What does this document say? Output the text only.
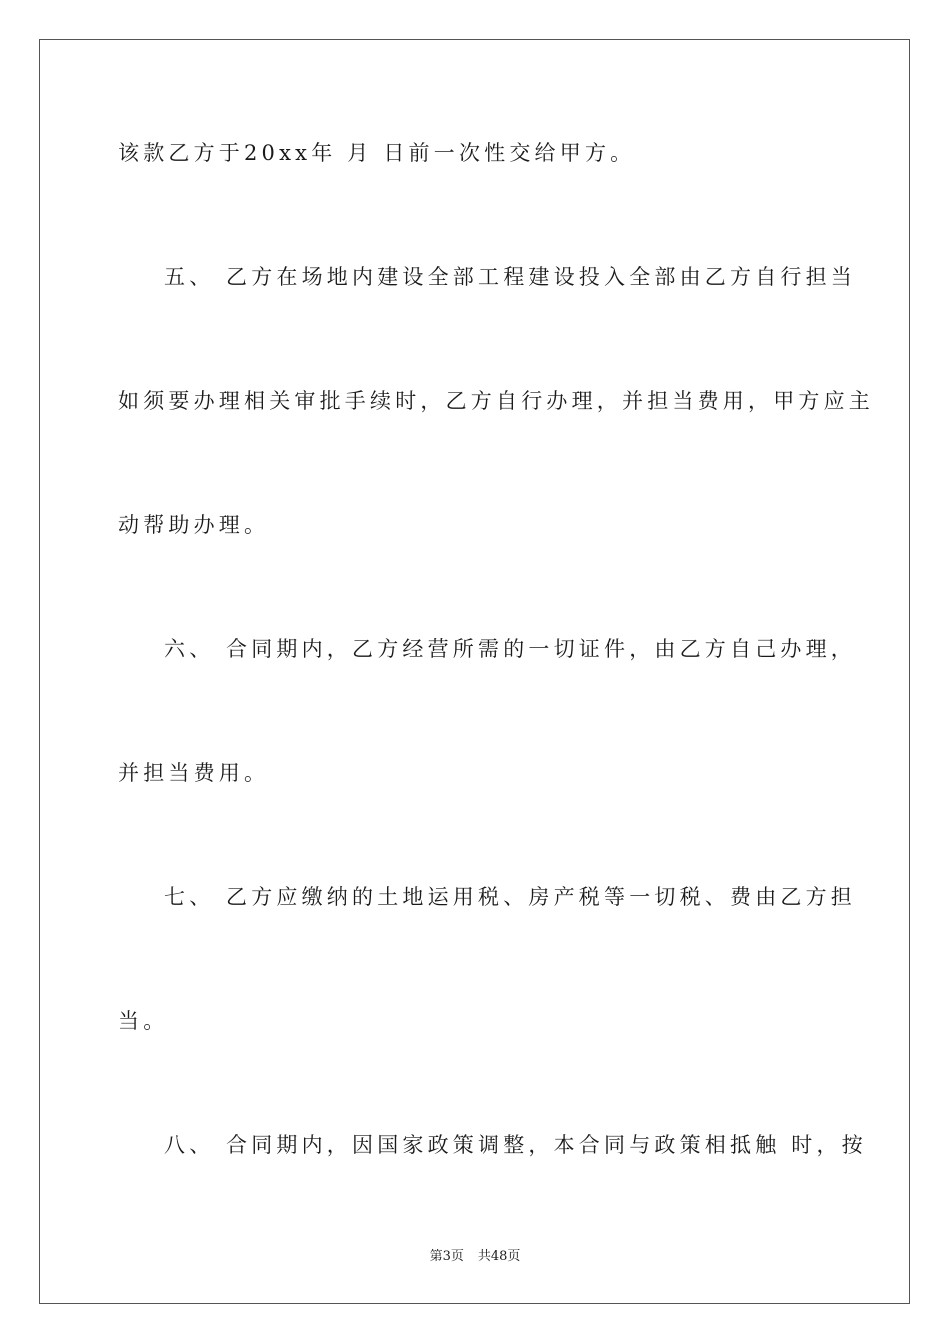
该款乙方于20xx年 月 日前一次性交给甲方。
五、 乙方在场地内建设全部工程建设投入全部由乙方自行担当
如须要办理相关审批手续时，乙方自行办理，并担当费用，甲方应主
动帮助办理。
六、 合同期内，乙方经营所需的一切证件，由乙方自己办理，
并担当费用。
七、 乙方应缴纳的土地运用税、房产税等一切税、费由乙方担
当。
八、 合同期内，因国家政策调整，本合同与政策相抵触 时，按
第3页 共48页
